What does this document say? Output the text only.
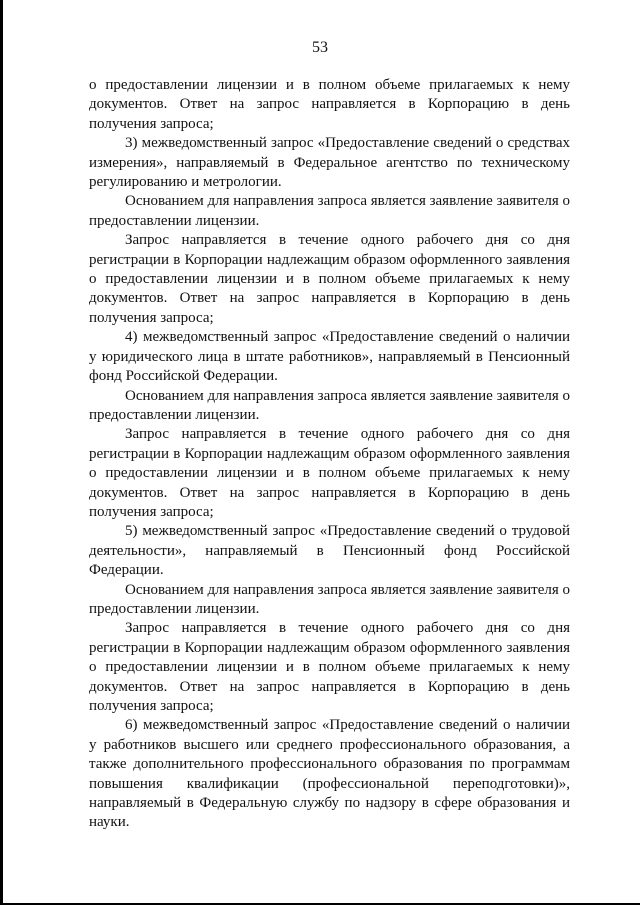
53

о предоставлении лицензии и в полном объеме прилагаемых к нему документов. Ответ на запрос направляется в Корпорацию в день получения запроса;

3) межведомственный запрос «Предоставление сведений о средствах измерения», направляемый в Федеральное агентство по техническому регулированию и метрологии.

Основанием для направления запроса является заявление заявителя о предоставлении лицензии.

Запрос направляется в течение одного рабочего дня со дня регистрации в Корпорации надлежащим образом оформленного заявления о предоставлении лицензии и в полном объеме прилагаемых к нему документов. Ответ на запрос направляется в Корпорацию в день получения запроса;

4) межведомственный запрос «Предоставление сведений о наличии у юридического лица в штате работников», направляемый в Пенсионный фонд Российской Федерации.

Основанием для направления запроса является заявление заявителя о предоставлении лицензии.

Запрос направляется в течение одного рабочего дня со дня регистрации в Корпорации надлежащим образом оформленного заявления о предоставлении лицензии и в полном объеме прилагаемых к нему документов. Ответ на запрос направляется в Корпорацию в день получения запроса;

5) межведомственный запрос «Предоставление сведений о трудовой деятельности», направляемый в Пенсионный фонд Российской Федерации.

Основанием для направления запроса является заявление заявителя о предоставлении лицензии.

Запрос направляется в течение одного рабочего дня со дня регистрации в Корпорации надлежащим образом оформленного заявления о предоставлении лицензии и в полном объеме прилагаемых к нему документов. Ответ на запрос направляется в Корпорацию в день получения запроса;

6) межведомственный запрос «Предоставление сведений о наличии у работников высшего или среднего профессионального образования, а также дополнительного профессионального образования по программам повышения квалификации (профессиональной переподготовки)», направляемый в Федеральную службу по надзору в сфере образования и науки.
